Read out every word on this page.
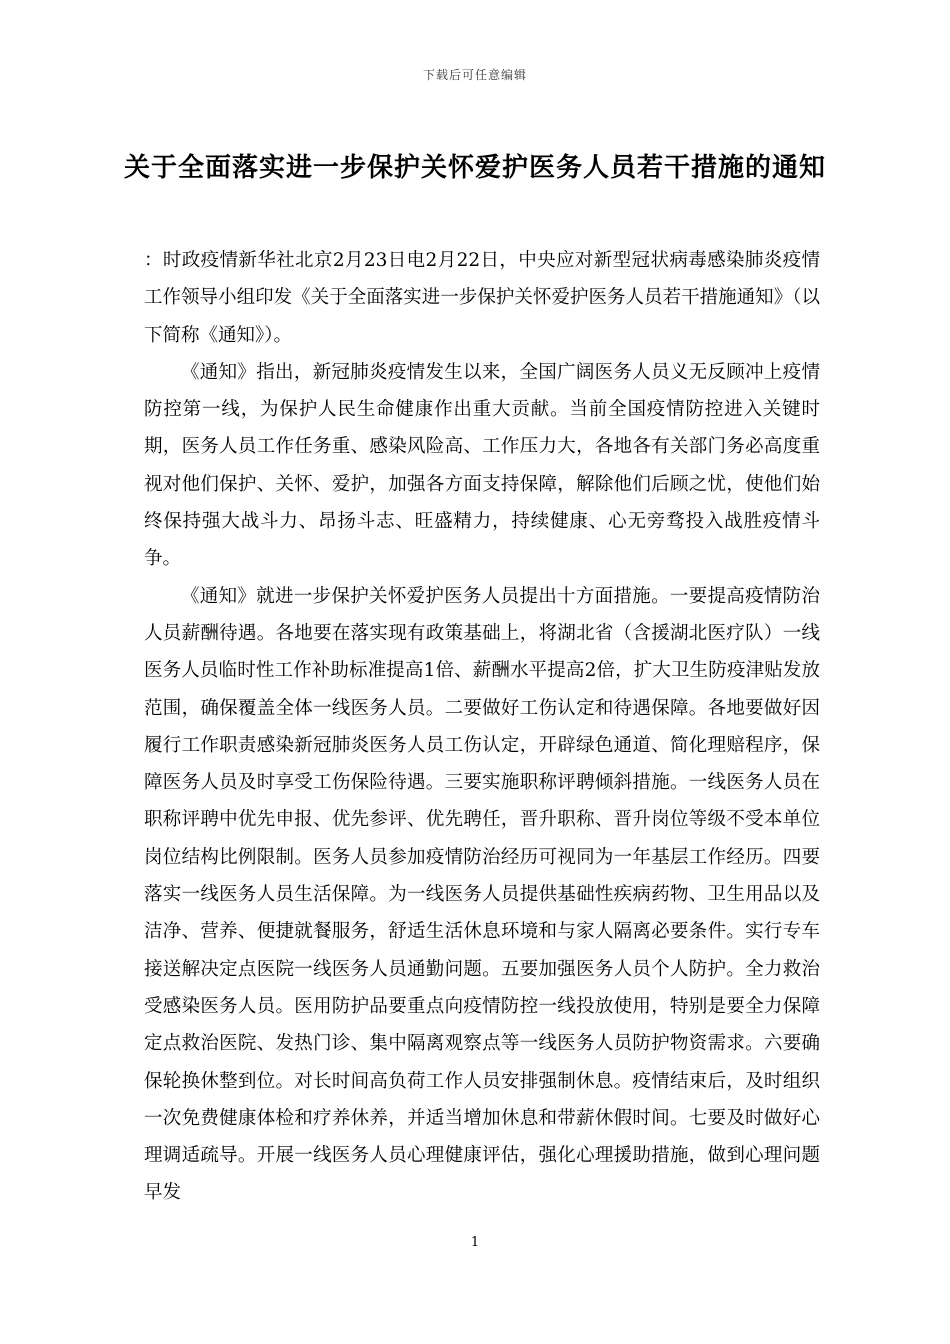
下载后可任意编辑
关于全面落实进一步保护关怀爱护医务人员若干措施的通知

：时政疫情新华社北京2月23日电2月22日，中央应对新型冠状病毒感染肺炎疫情工作领导小组印发《关于全面落实进一步保护关怀爱护医务人员若干措施通知》（以下简称《通知》）。

《通知》指出，新冠肺炎疫情发生以来，全国广阔医务人员义无反顾冲上疫情防控第一线，为保护人民生命健康作出重大贡献。当前全国疫情防控进入关键时期，医务人员工作任务重、感染风险高、工作压力大，各地各有关部门务必高度重视对他们保护、关怀、爱护，加强各方面支持保障，解除他们后顾之忧，使他们始终保持强大战斗力、昂扬斗志、旺盛精力，持续健康、心无旁骛投入战胜疫情斗争。

《通知》就进一步保护关怀爱护医务人员提出十方面措施。一要提高疫情防治人员薪酬待遇。各地要在落实现有政策基础上，将湖北省（含援湖北医疗队）一线医务人员临时性工作补助标准提高1倍、薪酬水平提高2倍，扩大卫生防疫津贴发放范围，确保覆盖全体一线医务人员。二要做好工伤认定和待遇保障。各地要做好因履行工作职责感染新冠肺炎医务人员工伤认定，开辟绿色通道、简化理赔程序，保障医务人员及时享受工伤保险待遇。三要实施职称评聘倾斜措施。一线医务人员在职称评聘中优先申报、优先参评、优先聘任，晋升职称、晋升岗位等级不受本单位岗位结构比例限制。医务人员参加疫情防治经历可视同为一年基层工作经历。四要落实一线医务人员生活保障。为一线医务人员提供基础性疾病药物、卫生用品以及洁净、营养、便捷就餐服务，舒适生活休息环境和与家人隔离必要条件。实行专车接送解决定点医院一线医务人员通勤问题。五要加强医务人员个人防护。全力救治受感染医务人员。医用防护品要重点向疫情防控一线投放使用，特别是要全力保障定点救治医院、发热门诊、集中隔离观察点等一线医务人员防护物资需求。六要确保轮换休整到位。对长时间高负荷工作人员安排强制休息。疫情结束后，及时组织一次免费健康体检和疗养休养，并适当增加休息和带薪休假时间。七要及时做好心理调适疏导。开展一线医务人员心理健康评估，强化心理援助措施，做到心理问题早发

1
